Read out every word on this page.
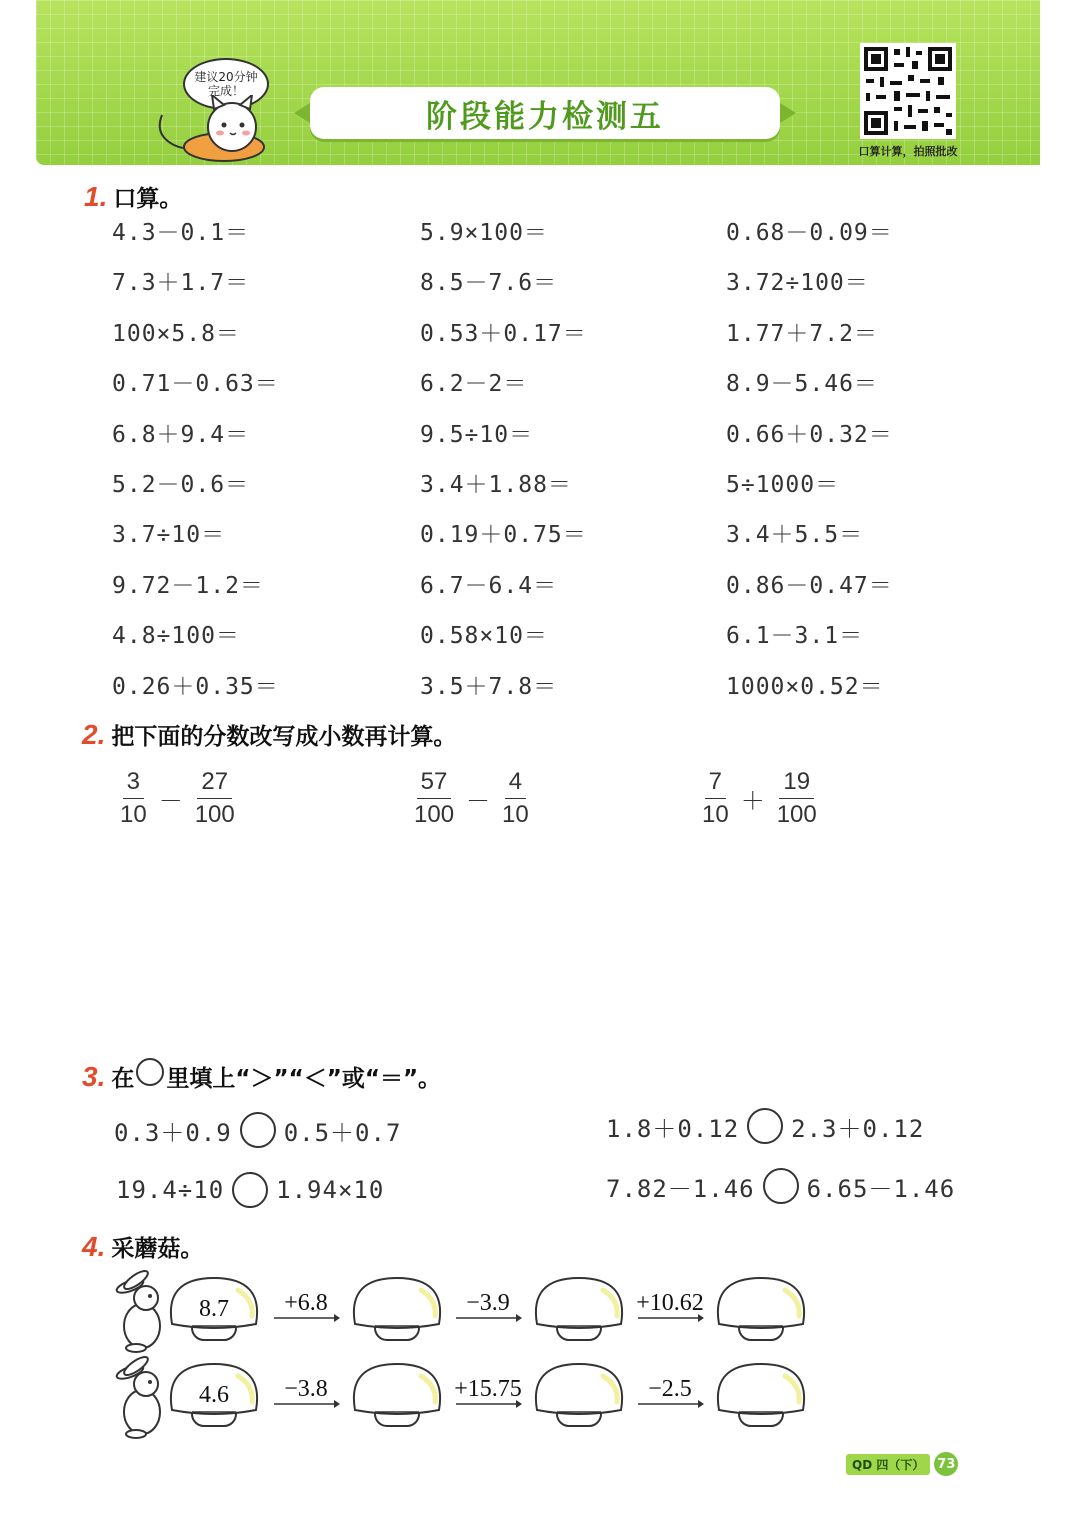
建议20分钟
完成！
阶段能力检测五
口算计算，拍照批改
1. 口算。
4.3－0.1＝	5.9×100＝	0.68－0.09＝
7.3＋1.7＝	8.5－7.6＝	3.72÷100＝
100×5.8＝	0.53＋0.17＝	1.77＋7.2＝
0.71－0.63＝	6.2－2＝	8.9－5.46＝
6.8＋9.4＝	9.5÷10＝	0.66＋0.32＝
5.2－0.6＝	3.4＋1.88＝	5÷1000＝
3.7÷10＝	0.19＋0.75＝	3.4＋5.5＝
9.72－1.2＝	6.7－6.4＝	0.86－0.47＝
4.8÷100＝	0.58×10＝	6.1－3.1＝
0.26＋0.35＝	3.5＋7.8＝	1000×0.52＝
2. 把下面的分数改写成小数再计算。
$\frac{3}{10} - \frac{27}{100}$	$\frac{57}{100} - \frac{4}{10}$	$\frac{7}{10} + \frac{19}{100}$
3. 在 里填上“＞”“＜”或“＝”。
0.3＋0.9 0.5＋0.7	1.8＋0.12 2.3＋0.12
19.4÷10 1.94×10	7.82－1.46 6.65－1.46
4. 采蘑菇。
8.7 +6.8	−3.9	+10.62
4.6 −3.8	+15.75	−2.5
QD 四（下） 73
